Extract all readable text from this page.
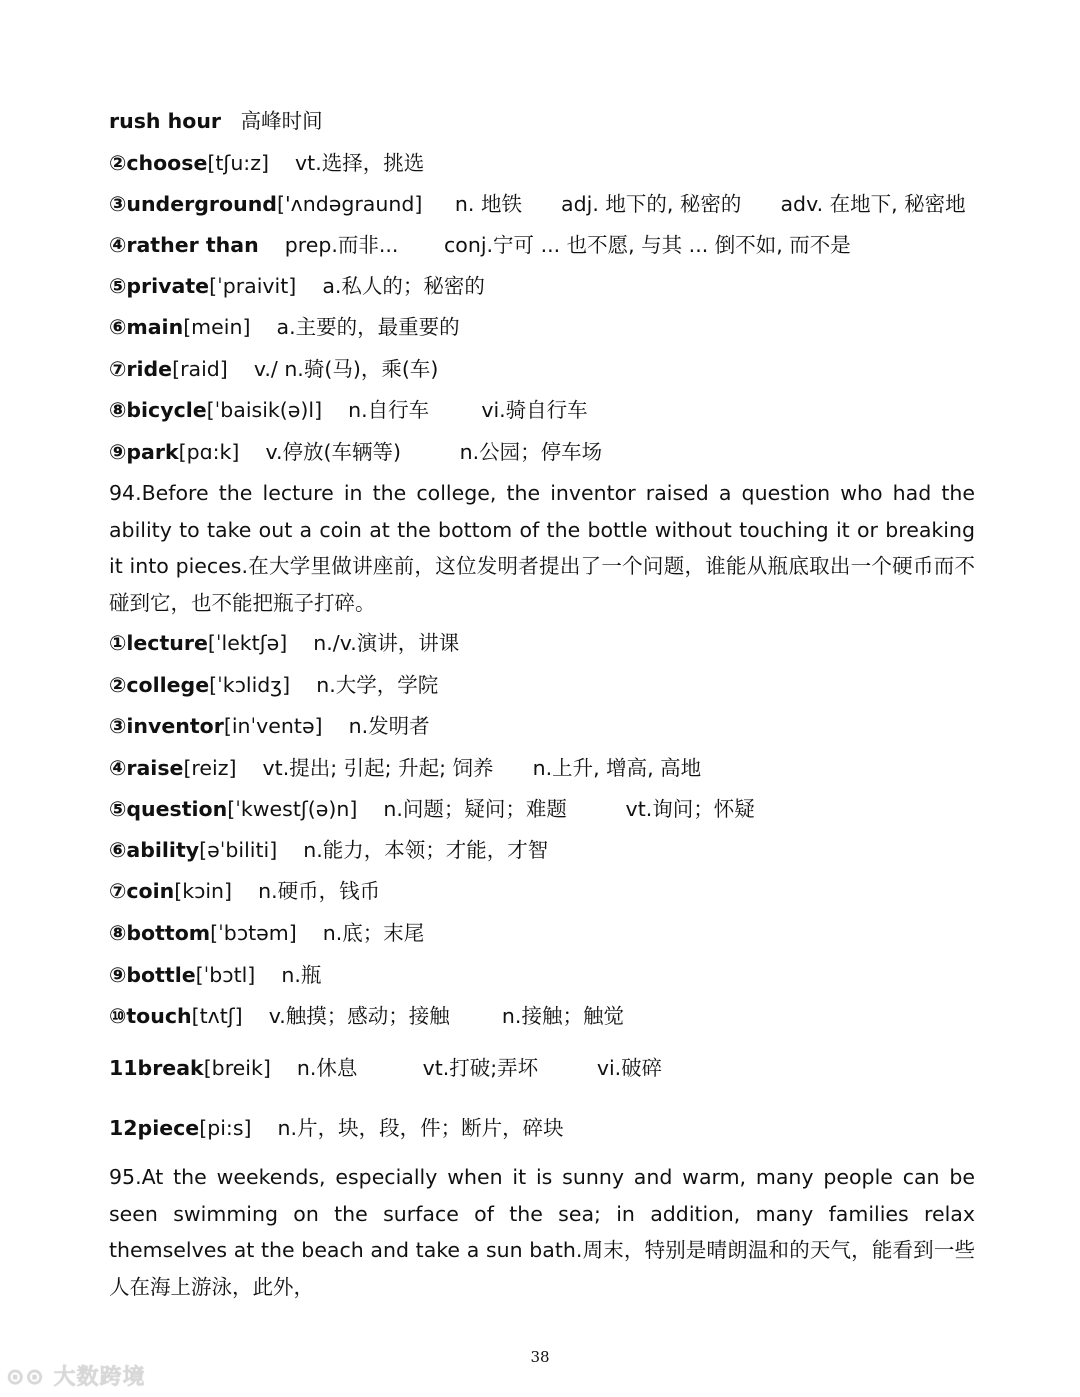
rush hour   高峰时间
②choose[tʃu:z]    vt.选择，挑选
③underground['ʌndəgraund]     n. 地铁      adj. 地下的, 秘密的      adv. 在地下, 秘密地
④rather than    prep.而非...       conj.宁可 ... 也不愿, 与其 ... 倒不如, 而不是
⑤private[ˈpraivit]    a.私人的；秘密的
⑥main[mein]    a.主要的，最重要的
⑦ride[raid]    v./ n.骑(马)，乘(车)
⑧bicycle[ˈbaisik(ə)l]    n.自行车        vi.骑自行车
⑨park[pɑ:k]    v.停放(车辆等)         n.公园；停车场
94.Before the lecture in the college, the inventor raised a question who had the ability to take out a coin at the bottom of the bottle without touching it or breaking it into pieces.在大学里做讲座前，这位发明者提出了一个问题，谁能从瓶底取出一个硬币而不碰到它，也不能把瓶子打碎。
①lecture[ˈlektʃə]    n./v.演讲，讲课
②college[ˈkɔlidʒ]    n.大学，学院
③inventor[inˈventə]    n.发明者
④raise[reiz]    vt.提出; 引起; 升起; 饲养      n.上升, 增高, 高地
⑤question[ˈkwestʃ(ə)n]    n.问题；疑问；难题         vt.询问；怀疑
⑥ability[əˈbiliti]    n.能力，本领；才能，才智
⑦coin[kɔin]    n.硬币，钱币
⑧bottom[ˈbɔtəm]    n.底；末尾
⑨bottle[ˈbɔtl]    n.瓶
⑩touch[tʌtʃ]    v.触摸；感动；接触        n.接触；触觉
11break[breik]    n.休息          vt.打破;弄坏         vi.破碎
12piece[pi:s]    n.片，块，段，件；断片，碎块
95.At the weekends, especially when it is sunny and warm, many people can be seen swimming on the surface of the sea; in addition, many families relax themselves at the beach and take a sun bath.周末，特别是晴朗温和的天气，能看到一些人在海上游泳，此外，
38
⊙⊙ 大数跨境
